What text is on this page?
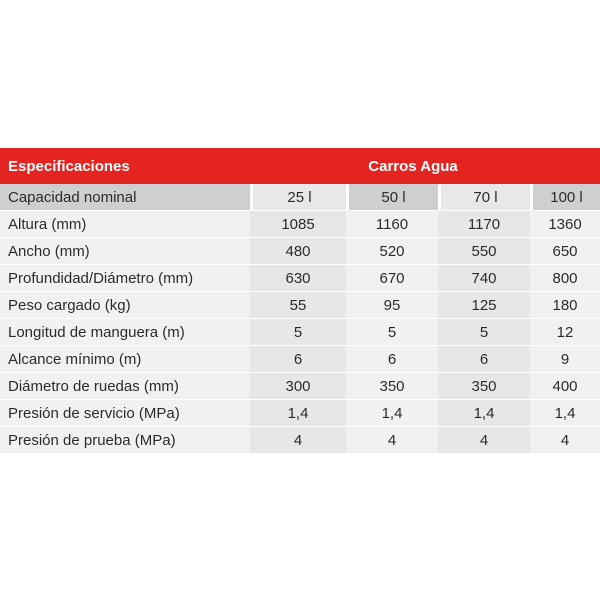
Especificaciones	Carros Agua
Capacidad nominal	25 l	50 l	70 l	100 l
Altura (mm)	1085	1160	1170	1360
Ancho (mm)	480	520	550	650
Profundidad/Diámetro (mm)	630	670	740	800
Peso cargado (kg)	55	95	125	180
Longitud de manguera (m)	5	5	5	12
Alcance mínimo (m)	6	6	6	9
Diámetro de ruedas (mm)	300	350	350	400
Presión de servicio (MPa)	1,4	1,4	1,4	1,4
Presión de prueba (MPa)	4	4	4	4
